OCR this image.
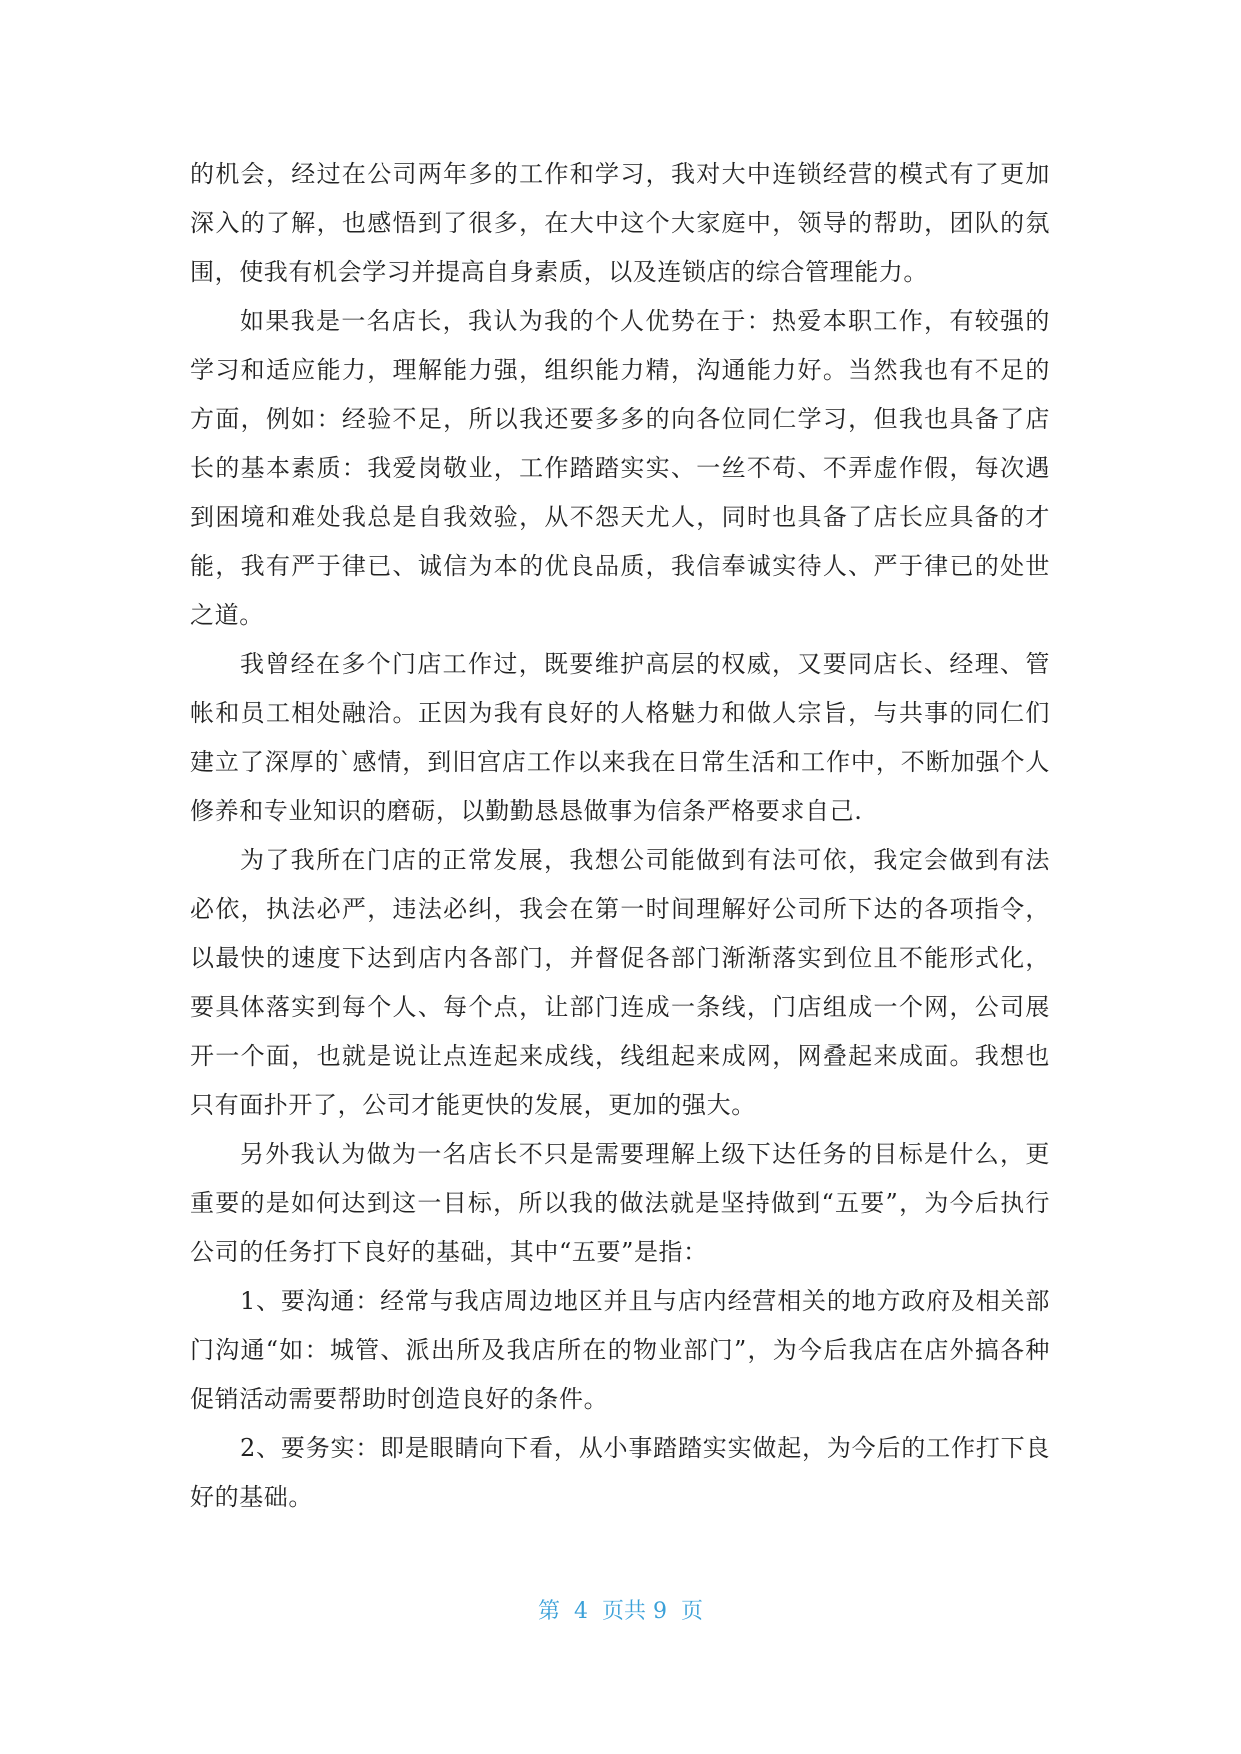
的机会，经过在公司两年多的工作和学习，我对大中连锁经营的模式有了更加深入的了解，也感悟到了很多，在大中这个大家庭中，领导的帮助，团队的氛围，使我有机会学习并提高自身素质，以及连锁店的综合管理能力。

如果我是一名店长，我认为我的个人优势在于：热爱本职工作，有较强的学习和适应能力，理解能力强，组织能力精，沟通能力好。当然我也有不足的方面，例如：经验不足，所以我还要多多的向各位同仁学习，但我也具备了店长的基本素质：我爱岗敬业，工作踏踏实实、一丝不苟、不弄虚作假，每次遇到困境和难处我总是自我效验，从不怨天尤人，同时也具备了店长应具备的才能，我有严于律已、诚信为本的优良品质，我信奉诚实待人、严于律已的处世之道。

我曾经在多个门店工作过，既要维护高层的权威，又要同店长、经理、管帐和员工相处融洽。正因为我有良好的人格魅力和做人宗旨，与共事的同仁们建立了深厚的`感情，到旧宫店工作以来我在日常生活和工作中，不断加强个人修养和专业知识的磨砺，以勤勤恳恳做事为信条严格要求自己.

为了我所在门店的正常发展，我想公司能做到有法可依，我定会做到有法必依，执法必严，违法必纠，我会在第一时间理解好公司所下达的各项指令，以最快的速度下达到店内各部门，并督促各部门渐渐落实到位且不能形式化，要具体落实到每个人、每个点，让部门连成一条线，门店组成一个网，公司展开一个面，也就是说让点连起来成线，线组起来成网，网叠起来成面。我想也只有面扑开了，公司才能更快的发展，更加的强大。

另外我认为做为一名店长不只是需要理解上级下达任务的目标是什么，更重要的是如何达到这一目标，所以我的做法就是坚持做到“五要”，为今后执行公司的任务打下良好的基础，其中“五要”是指：

1、要沟通：经常与我店周边地区并且与店内经营相关的地方政府及相关部门沟通“如：城管、派出所及我店所在的物业部门”，为今后我店在店外搞各种促销活动需要帮助时创造良好的条件。

2、要务实：即是眼睛向下看，从小事踏踏实实做起，为今后的工作打下良好的基础。

第  4  页共 9  页
